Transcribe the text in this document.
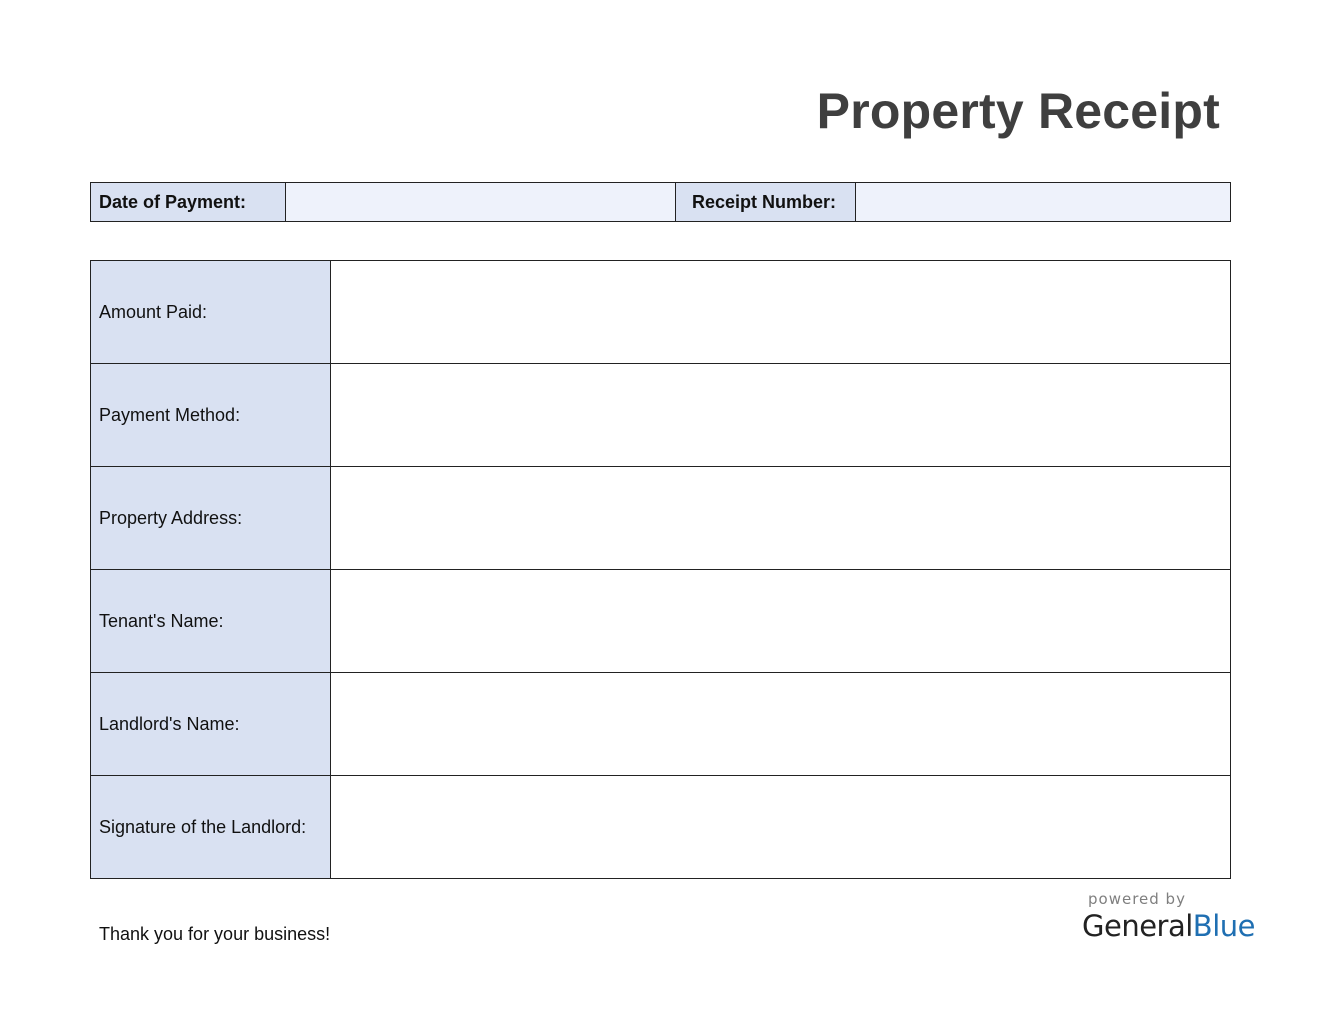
Property Receipt
Date of Payment:		Receipt Number:	
Amount Paid:	
Payment Method:	
Property Address:	
Tenant's Name:	
Landlord's Name:	
Signature of the Landlord:	
Thank you for your business!
powered by
GeneralBlue
